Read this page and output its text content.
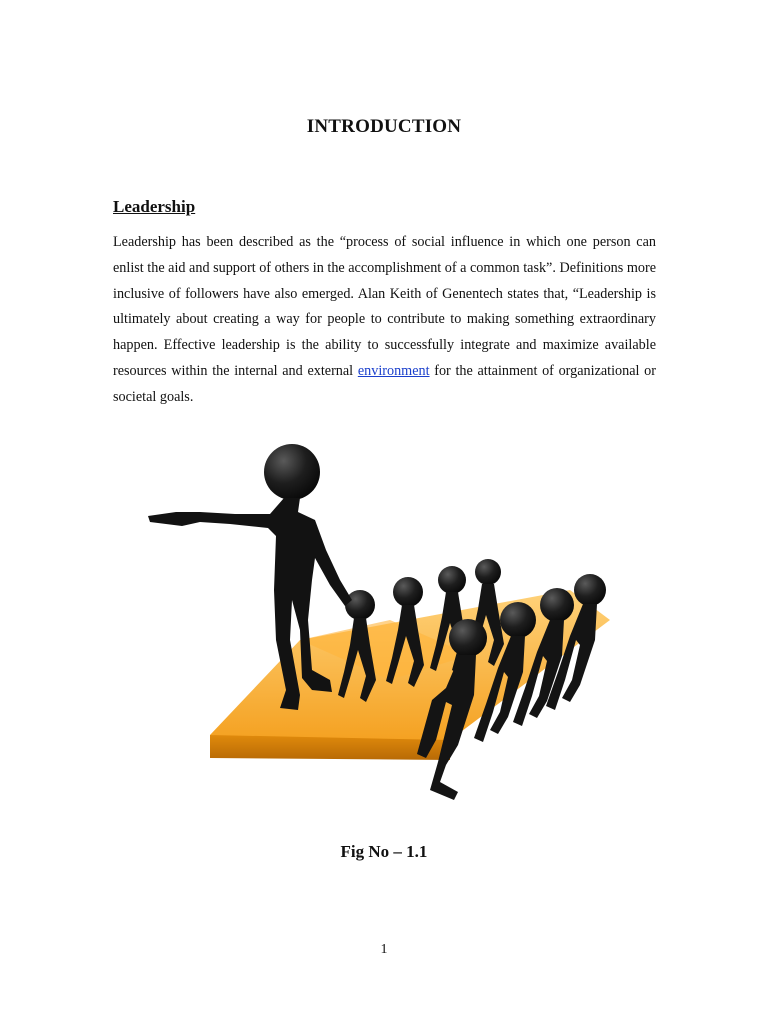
INTRODUCTION
Leadership

Leadership has been described as the “process of social influence in which one person can enlist the aid and support of others in the accomplishment of a common task”. Definitions more inclusive of followers have also emerged. Alan Keith of Genentech states that, “Leadership is ultimately about creating a way for people to contribute to making something extraordinary happen. Effective leadership is the ability to successfully integrate and maximize available resources within the internal and external environment for the attainment of organizational or societal goals.

Fig No – 1.1
1
